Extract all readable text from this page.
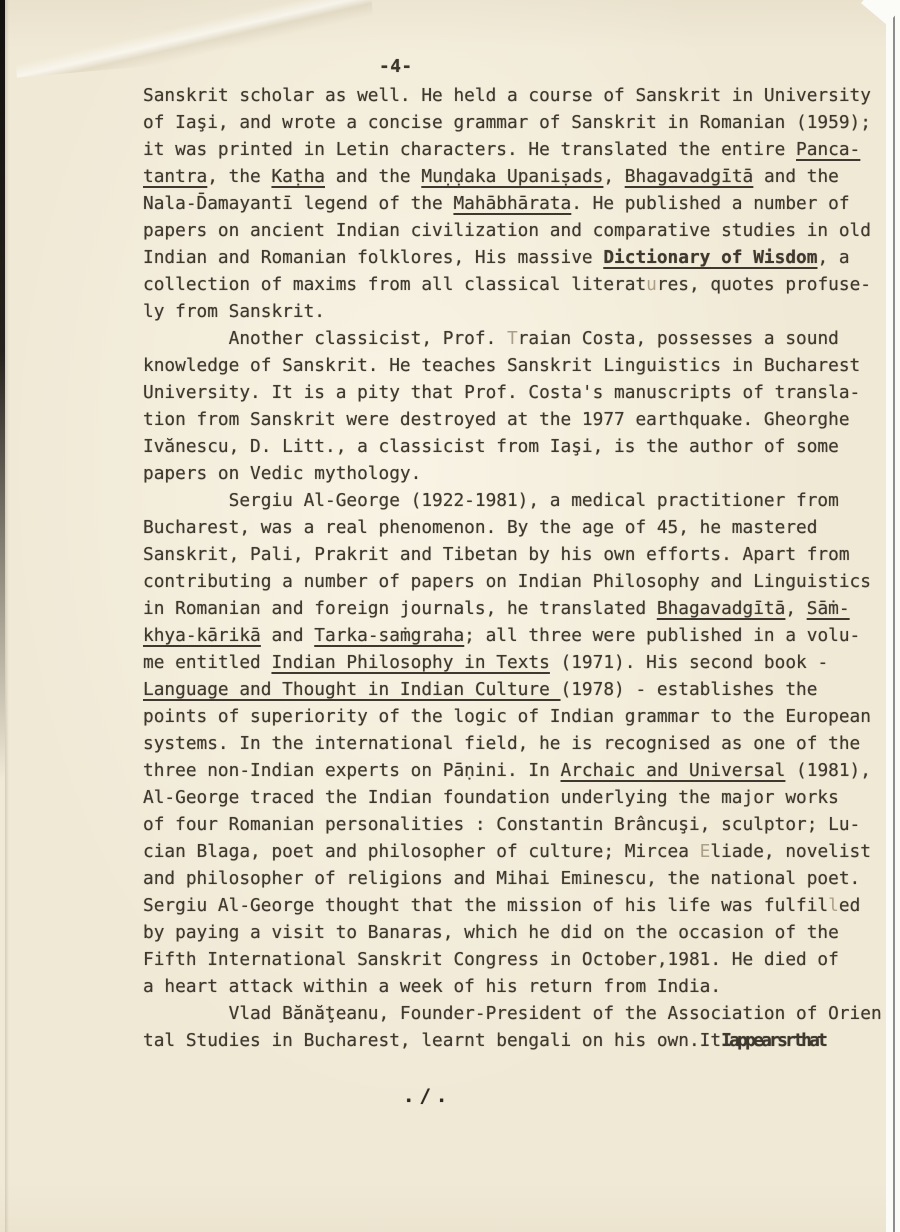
-4-
Sanskrit scholar as well. He held a course of Sanskrit in University
of Iaşi, and wrote a concise grammar of Sanskrit in Romanian (1959);
it was printed in Letin characters. He translated the entire Panca-
tantra, the Kaṭha and the Muṇḍaka Upaniṣads, Bhagavadgītā and the
Nala-D̄amayantī legend of the Mahābhārata. He published a number of
papers on ancient Indian civilization and comparative studies in old
Indian and Romanian folklores, His massive Dictionary of Wisdom, a
collection of maxims from all classical literatures, quotes profuse-
ly from Sanskrit.
Another classicist, Prof. Traian Costa, possesses a sound
knowledge of Sanskrit. He teaches Sanskrit Linguistics in Bucharest
University. It is a pity that Prof. Costa's manuscripts of transla-
tion from Sanskrit were destroyed at the 1977 earthquake. Gheorghe
Ivănescu, D. Litt., a classicist from Iaşi, is the author of some
papers on Vedic mythology.
Sergiu Al-George (1922-1981), a medical practitioner from
Bucharest, was a real phenomenon. By the age of 45, he mastered
Sanskrit, Pali, Prakrit and Tibetan by his own efforts. Apart from
contributing a number of papers on Indian Philosophy and Linguistics
in Romanian and foreign journals, he translated Bhagavadgītā, Sāṁ-
khya-kārikā and Tarka-saṁgraha; all three were published in a volu-
me entitled Indian Philosophy in Texts (1971). His second book -
Language and Thought in Indian Culture (1978) - establishes the
points of superiority of the logic of Indian grammar to the European
systems. In the international field, he is recognised as one of the
three non-Indian experts on Pāṇini. In Archaic and Universal (1981),
Al-George traced the Indian foundation underlying the major works
of four Romanian personalities : Constantin Brâncuşi, sculptor; Lu-
cian Blaga, poet and philosopher of culture; Mircea Eliade, novelist
and philosopher of religions and Mihai Eminescu, the national poet.
Sergiu Al-George thought that the mission of his life was fulfilled
by paying a visit to Banaras, which he did on the occasion of the
Fifth International Sanskrit Congress in October,1981. He died of
a heart attack within a week of his return from India.
Vlad Bănăţeanu, Founder-President of the Association of Orien
tal Studies in Bucharest, learnt bengali on his own.ItIappearsrthat
./.
